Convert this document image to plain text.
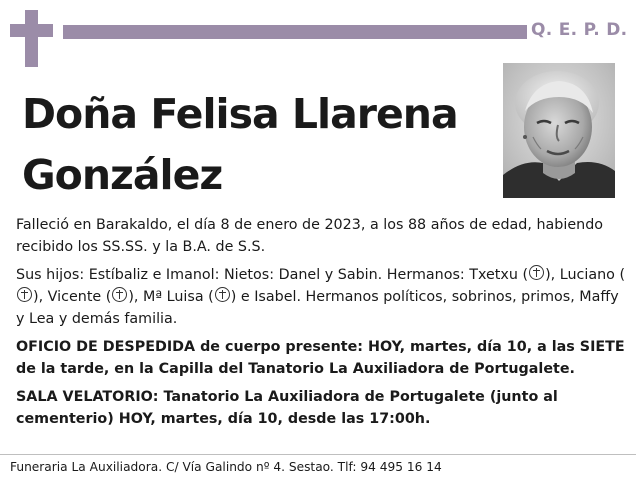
Q. E. P. D.
Doña Felisa Llarena
González

Falleció en Barakaldo, el día 8 de enero de 2023, a los 88 años de edad, habiendo recibido los SS.SS. y la B.A. de S.S.

Sus hijos: Estíbaliz e Imanol: Nietos: Danel y Sabin. Hermanos: Txetxu ( ), Luciano (), Vicente ( ), Mª Luisa ( ) e Isabel. Hermanos políticos, sobrinos, primos, Maffy y Lea y demás familia.

OFICIO DE DESPEDIDA de cuerpo presente: HOY, martes, día 10, a las SIETE de la tarde, en la Capilla del Tanatorio La Auxiliadora de Portugalete.

SALA VELATORIO: Tanatorio La Auxiliadora de Portugalete (junto al cementerio) HOY, martes, día 10, desde las 17:00h.

Funeraria La Auxiliadora. C/ Vía Galindo nº 4. Sestao. Tlf: 94 495 16 14
